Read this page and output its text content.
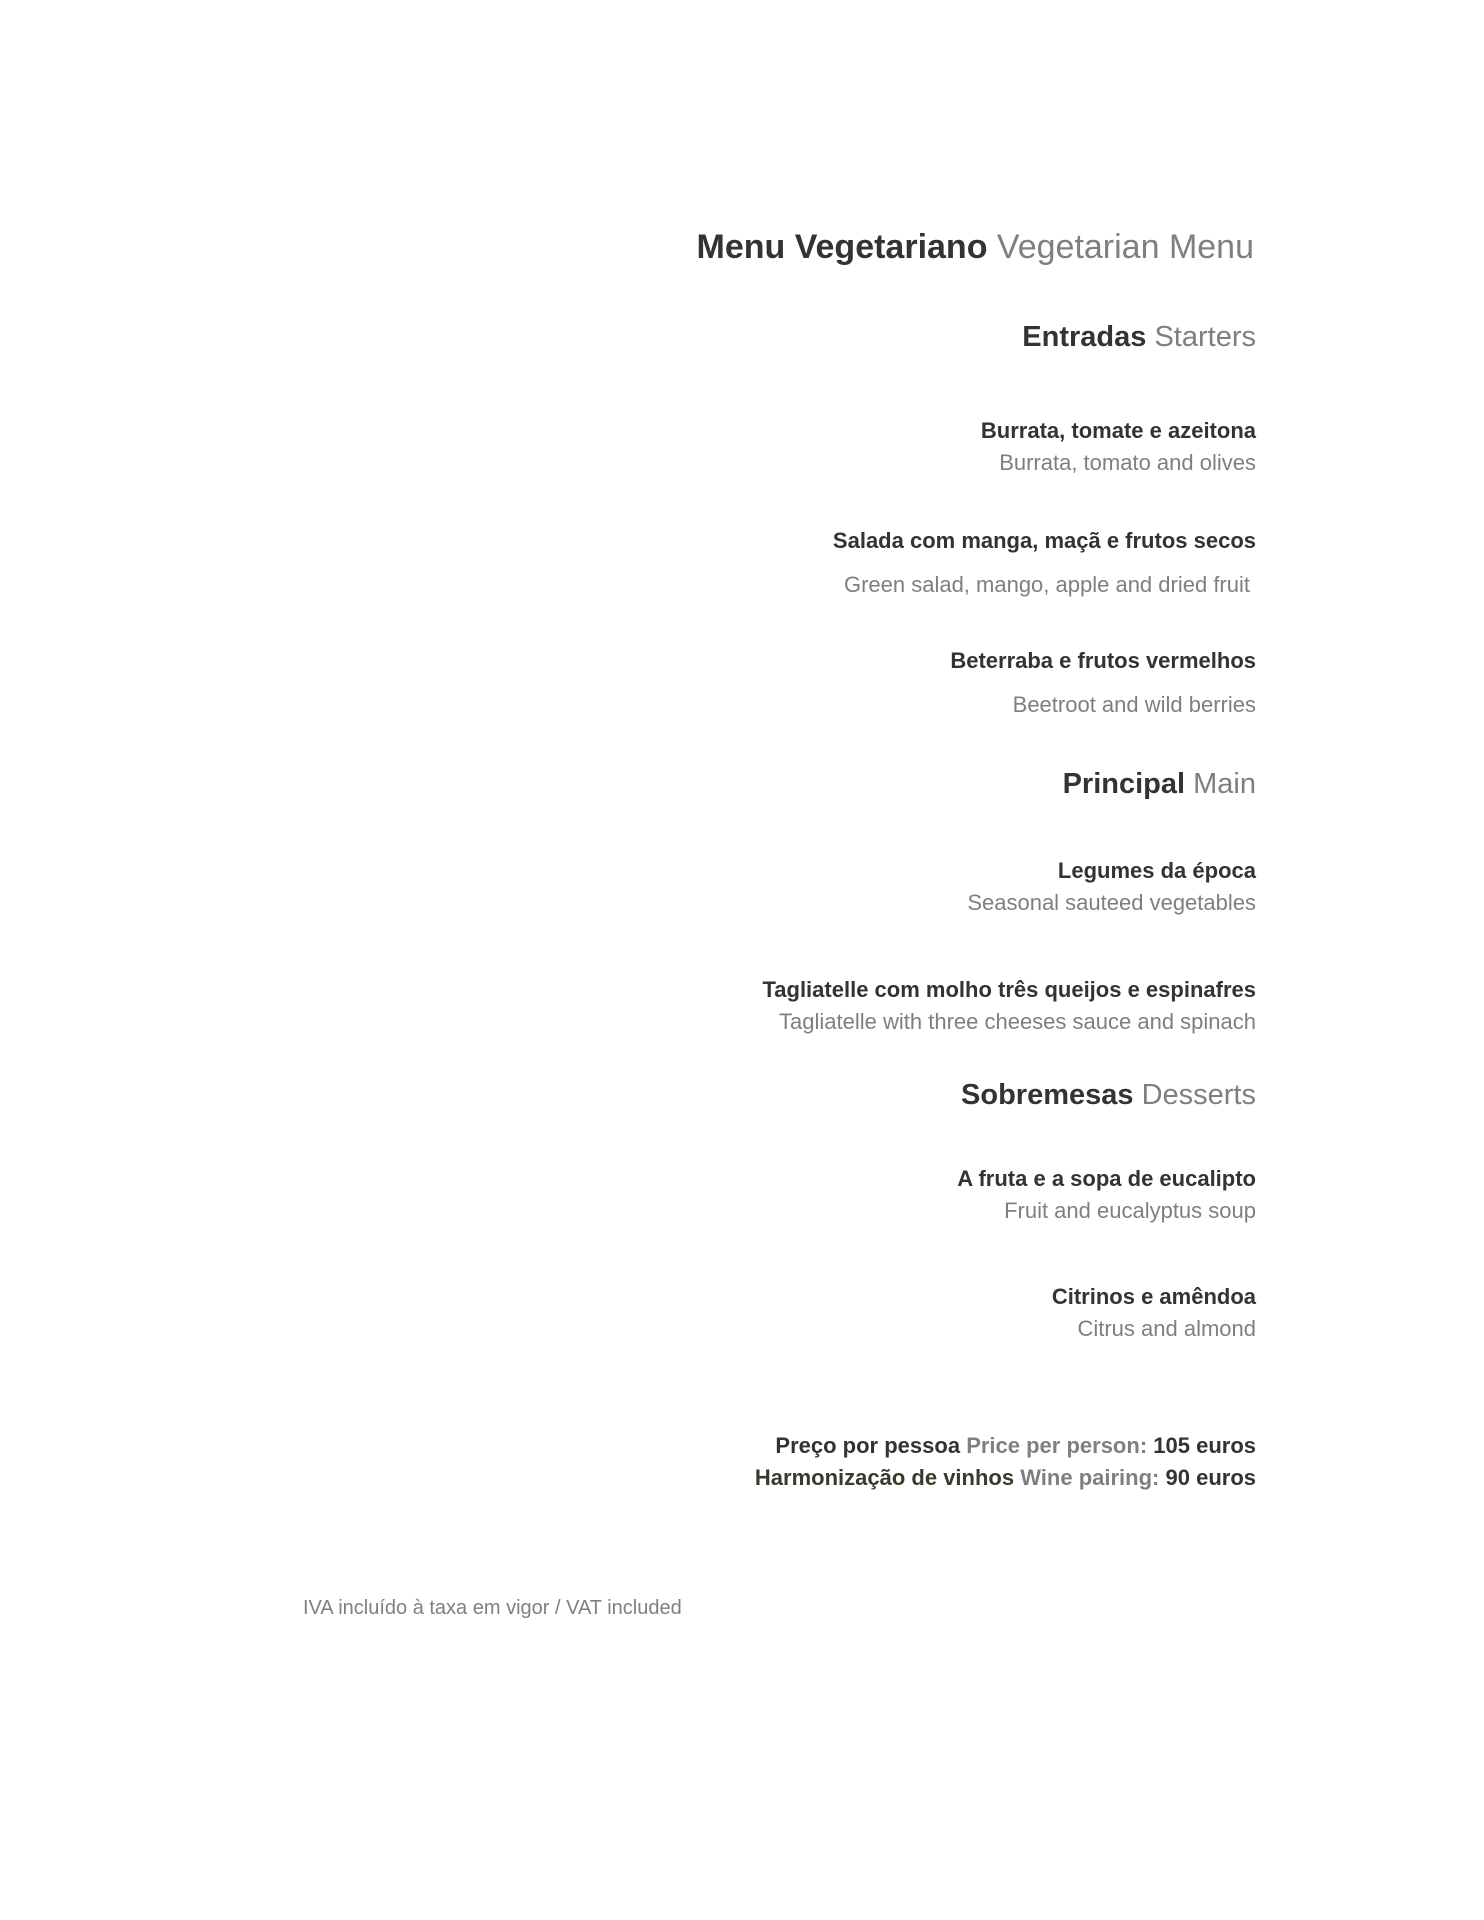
Menu Vegetariano Vegetarian Menu
Entradas Starters
Burrata, tomate e azeitona
Burrata, tomato and olives
Salada com manga, maçã e frutos secos
Green salad, mango, apple and dried fruit
Beterraba e frutos vermelhos
Beetroot and wild berries
Principal Main
Legumes da época
Seasonal sauteed vegetables
Tagliatelle com molho três queijos e espinafres
Tagliatelle with three cheeses sauce and spinach
Sobremesas Desserts
A fruta e a sopa de eucalipto
Fruit and eucalyptus soup
Citrinos e amêndoa
Citrus and almond
Preço por pessoa Price per person: 105 euros
Harmonização de vinhos Wine pairing: 90 euros
IVA incluído à taxa em vigor / VAT included
